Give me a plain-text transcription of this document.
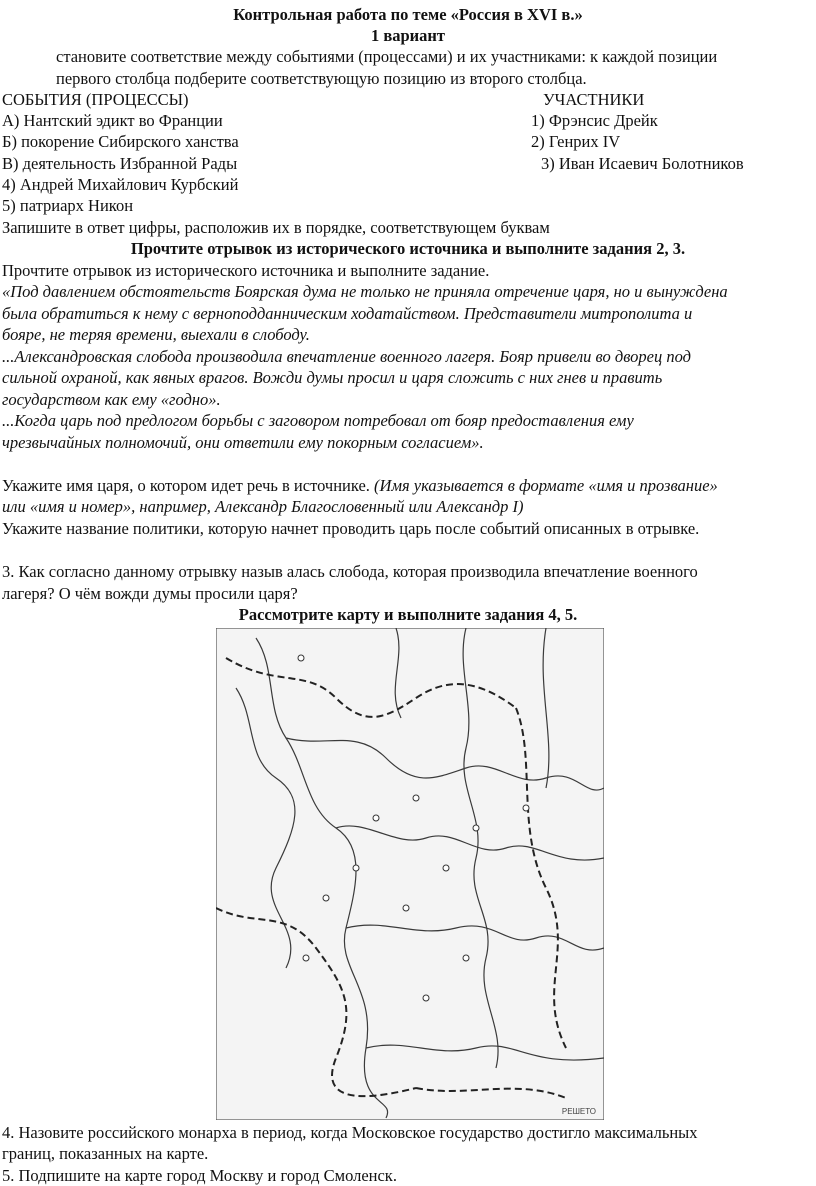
Контрольная работа по теме «Россия в XVI в.»
1 вариант
становите соответствие между событиями (процессами) и их участниками: к каждой позиции
первого столбца подберите соответствующую позицию из второго столбца.
СОБЫТИЯ (ПРОЦЕССЫ)	УЧАСТНИКИ
А) Нантский эдикт во Франции
Б) покорение Сибирского ханства
В) деятельность Избранной Рады
1) Фрэнсис Дрейк
2) Генрих IV
3) Иван Исаевич Болотников
4) Андрей Михайлович Курбский
5) патриарх Никон
Запишите в ответ цифры, расположив их в порядке, соответствующем буквам
Прочтите отрывок из исторического источника и выполните задания 2, 3.
Прочтите отрывок из исторического источника и выполните задание.
«Под давлением обстоятельств Боярская дума не только не приняла отречение царя, но и вынуждена
была обратиться к нему с верноподданническим ходатайством. Представители митрополита и
бояре, не теряя времени, выехали в слободу.
...Александровская слобода производила впечатление военного лагеря. Бояр привели во дворец под
сильной охраной, как явных врагов. Вожди думы просил и царя сложить с них гнев и править
государством как ему «годно».
...Когда царь под предлогом борьбы с заговором потребовал от бояр предоставления ему
чрезвычайных полномочий, они ответили ему покорным согласием».
Укажите имя царя, о котором идет речь в источнике. (Имя указывается в формате «имя и прозвание»
или «имя и номер», например, Александр Благословенный или Александр I)
Укажите название политики, которую начнет проводить царь после событий описанных в отрывке.
3. Как согласно данному отрывку назыв алась слобода, которая производила впечатление военного
лагеря? О чём вожди думы просили царя?
Рассмотрите карту и выполните задания 4, 5.
РЕШЕТО
4. Назовите российского монарха в период, когда Московское государство достигло максимальных
границ, показанных на карте.
5. Подпишите на карте город Москву и город Смоленск.
